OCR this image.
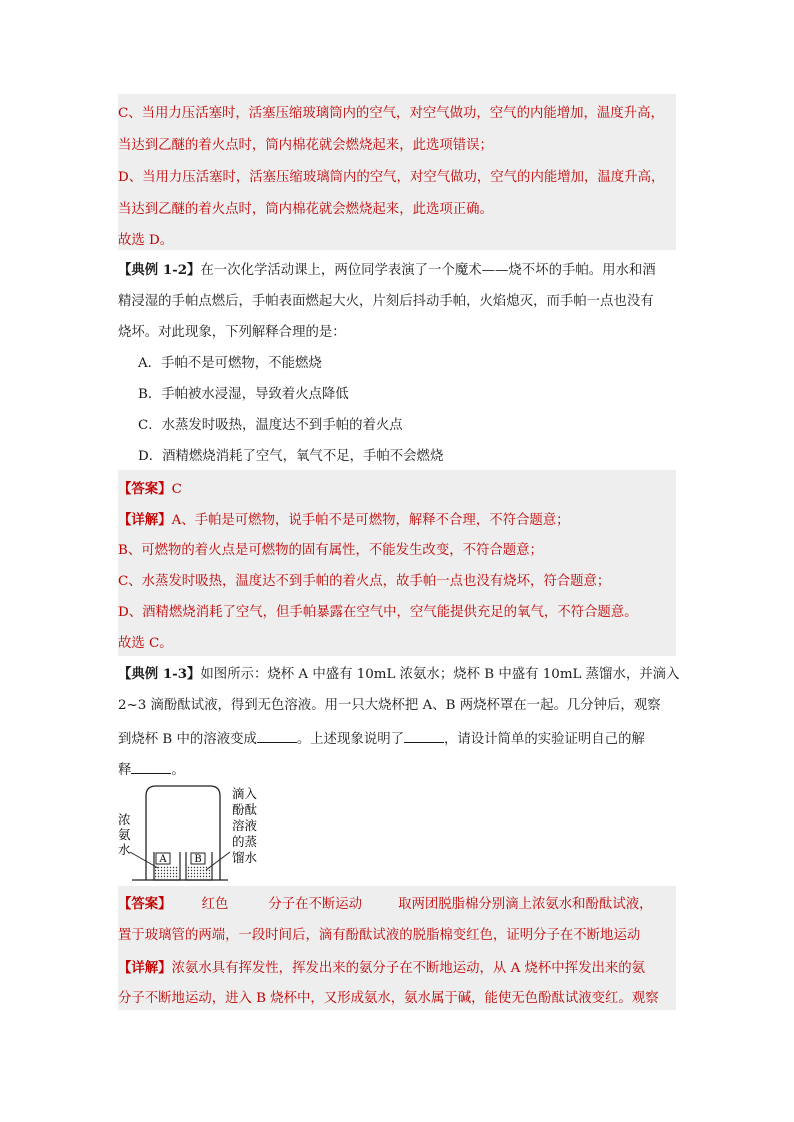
C、当用力压活塞时，活塞压缩玻璃筒内的空气，对空气做功，空气的内能增加，温度升高，
当达到乙醚的着火点时，筒内棉花就会燃烧起来，此选项错误；
D、当用力压活塞时，活塞压缩玻璃筒内的空气，对空气做功，空气的内能增加，温度升高，
当达到乙醚的着火点时，筒内棉花就会燃烧起来，此选项正确。
故选 D。
【典例 1-2】在一次化学活动课上，两位同学表演了一个魔术——烧不坏的手帕。用水和酒
精浸湿的手帕点燃后，手帕表面燃起大火，片刻后抖动手帕，火焰熄灭，而手帕一点也没有
烧坏。对此现象，下列解释合理的是：
A．手帕不是可燃物，不能燃烧
B．手帕被水浸湿，导致着火点降低
C．水蒸发时吸热，温度达不到手帕的着火点
D．酒精燃烧消耗了空气，氧气不足，手帕不会燃烧
【答案】C
【详解】A、手帕是可燃物，说手帕不是可燃物，解释不合理，不符合题意；
B、可燃物的着火点是可燃物的固有属性，不能发生改变，不符合题意；
C、水蒸发时吸热，温度达不到手帕的着火点，故手帕一点也没有烧坏，符合题意；
D、酒精燃烧消耗了空气，但手帕暴露在空气中，空气能提供充足的氧气，不符合题意。
故选 C。
【典例 1-3】如图所示：烧杯 A 中盛有 10mL 浓氨水；烧杯 B 中盛有 10mL 蒸馏水，并滴入
2~3 滴酚酞试液，得到无色溶液。用一只大烧杯把 A、B 两烧杯罩在一起。几分钟后，观察
到烧杯 B 中的溶液变成	。上述现象说明了	，请设计简单的实验证明自己的解
释	。
A	B
浓
氨
水
滴入
酚酞
溶液
的蒸
馏水
【答案】 红色	分子在不断运动	取两团脱脂棉分别滴上浓氨水和酚酞试液，
置于玻璃管的两端，一段时间后，滴有酚酞试液的脱脂棉变红色，证明分子在不断地运动
【详解】浓氨水具有挥发性，挥发出来的氨分子在不断地运动，从 A 烧杯中挥发出来的氨
分子不断地运动，进入 B 烧杯中，又形成氨水，氨水属于碱，能使无色酚酞试液变红。观察
